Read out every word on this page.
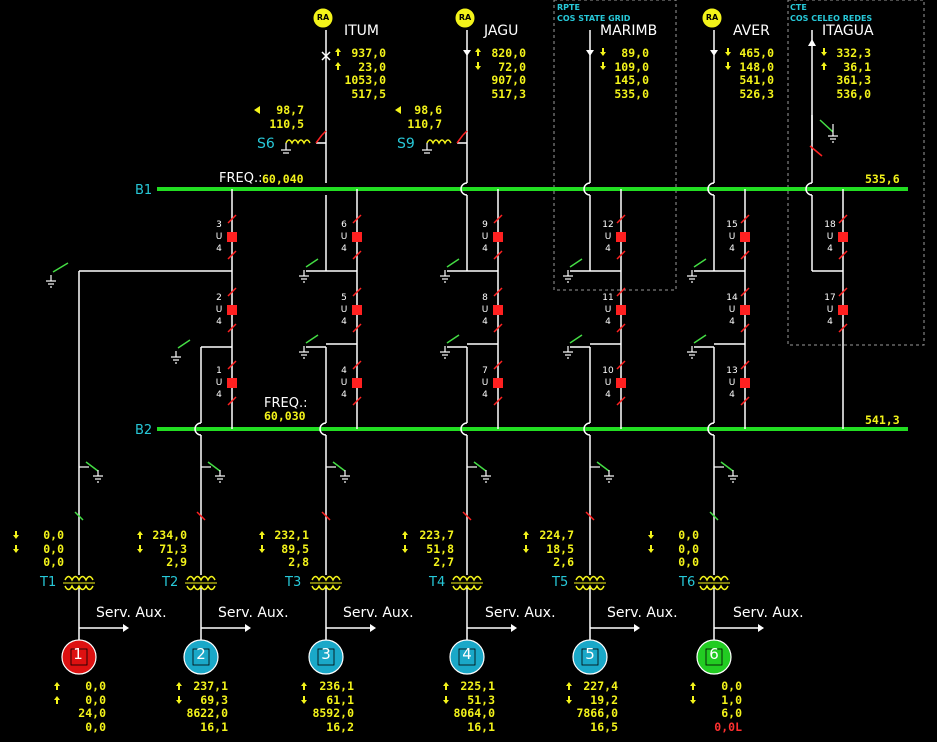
RPTE
COS STATE GRID
CTE
COS CELEO REDES
ITUM	JAGU	MARIMB	AVER	ITAGUA
937,0
23,0
1053,0
517,5
820,0
72,0
907,0
517,3
89,0
109,0
145,0
535,0
465,0
148,0
541,0
526,3
332,3
36,1
361,3
536,0
RA	RA	RA
98,7
110,5
98,6
110,7
S6	S9
B1
FREQ.: 60,040	535,6
B2
FREQ.:
60,030	541,3
0,0
0,0
0,0
234,0
71,3
2,9
232,1
89,5
2,8
223,7
51,8
2,7
224,7
18,5
2,6
0,0
0,0
0,0
T1	T2	T3	T4	T5	T6
Serv. Aux.	Serv. Aux.	Serv. Aux.	Serv. Aux.	Serv. Aux.	Serv. Aux.
1	2	3	4	5	6
0,0
0,0
24,0
0,0
237,1
69,3
8622,0
16,1
236,1
61,1
8592,0
16,2
225,1
51,3
8064,0
16,1
227,4
19,2
7866,0
16,5
0,0
1,0
6,0
0,0L
3
U
4
2
U
4
1
U
4
6
U
4
5
U
4
4
U
4
9
U
4
8
U
4
7
U
4
12
U
4
11
U
4
10
U
4
15
U
4
14
U
4
13
U
4
18
U
4
17
U
4
